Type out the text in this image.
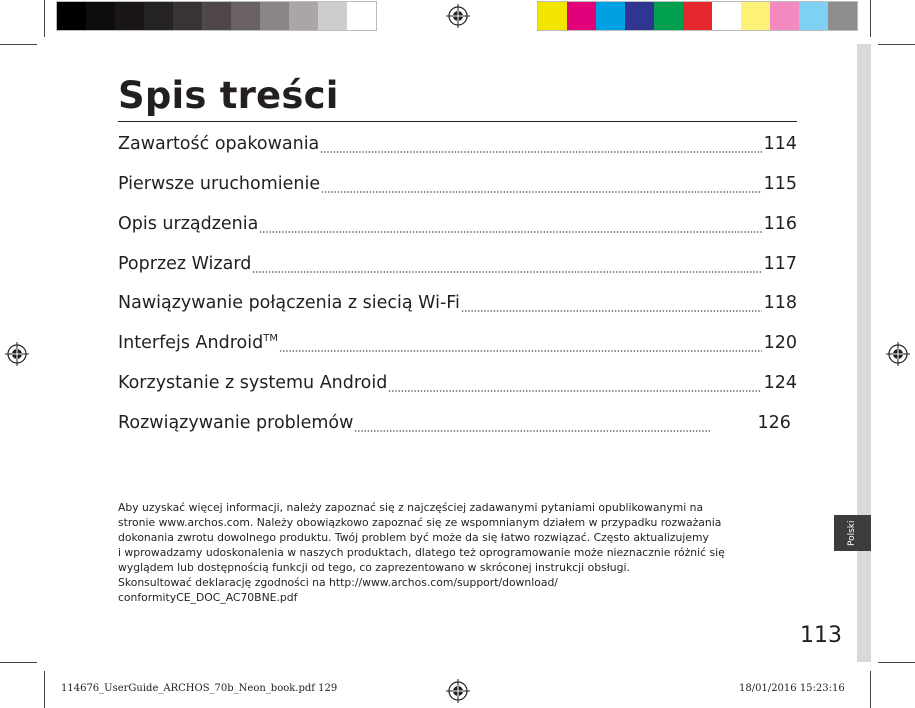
Polski
Spis treści
Zawartość opakowania	114
Pierwsze uruchomienie	115
Opis urządzenia	116
Poprzez Wizard	117
Nawiązywanie połączenia z siecią Wi-Fi	118
Interfejs Android™	120
Korzystanie z systemu Android	124
Rozwiązywanie problemów	126
Aby uzyskać więcej informacji, należy zapoznać się z najczęściej zadawanymi pytaniami opublikowanymi na
stronie www.archos.com. Należy obowiązkowo zapoznać się ze wspomnianym działem w przypadku rozważania
dokonania zwrotu dowolnego produktu. Twój problem być może da się łatwo rozwiązać. Często aktualizujemy
i wprowadzamy udoskonalenia w naszych produktach, dlatego też oprogramowanie może nieznacznie różnić się
wyglądem lub dostępnością funkcji od tego, co zaprezentowano w skróconej instrukcji obsługi.
Skonsultować deklarację zgodności na http://www.archos.com/support/download/
conformityCE_DOC_AC70BNE.pdf
113
114676_UserGuide_ARCHOS_70b_Neon_book.pdf 129	18/01/2016 15:23:16
